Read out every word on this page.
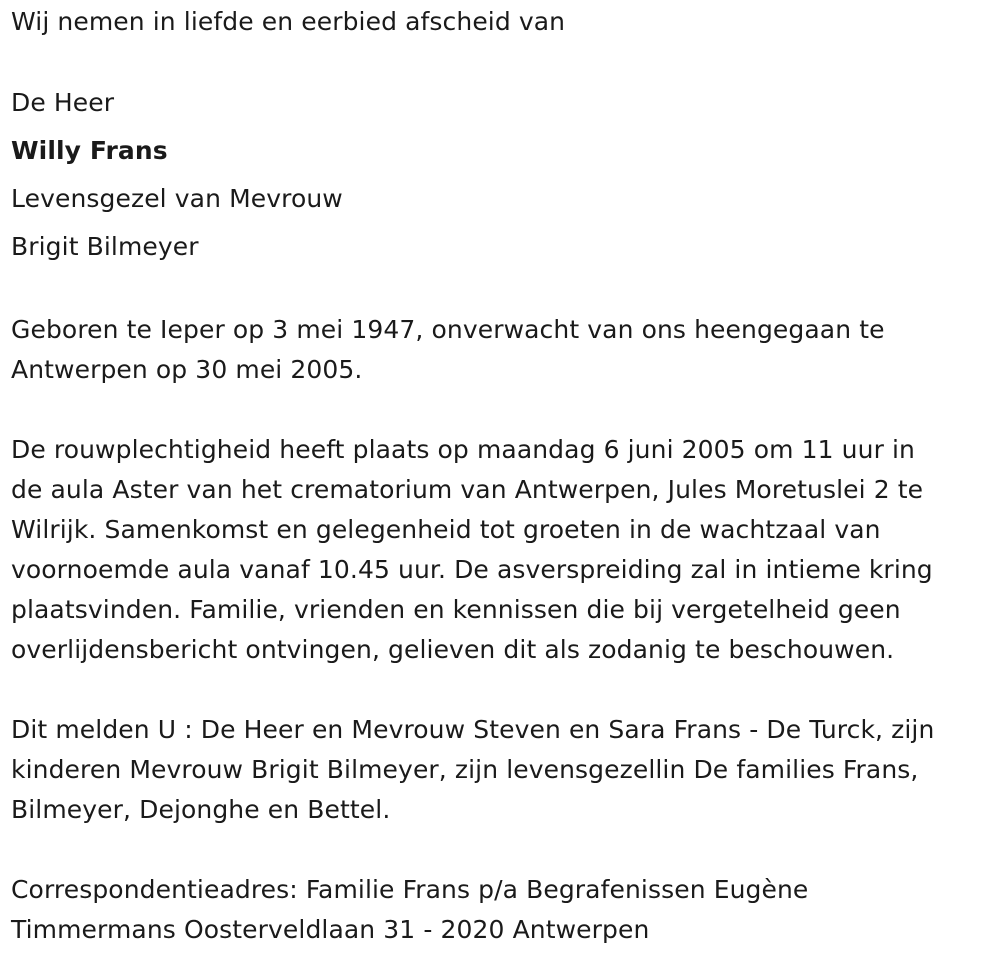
Wij nemen in liefde en eerbied afscheid van
De Heer
Willy Frans
Levensgezel van Mevrouw
Brigit Bilmeyer

Geboren te Ieper op 3 mei 1947, onverwacht van ons heengegaan te
Antwerpen op 30 mei 2005.

De rouwplechtigheid heeft plaats op maandag 6 juni 2005 om 11 uur in
de aula Aster van het crematorium van Antwerpen, Jules Moretuslei 2 te
Wilrijk. Samenkomst en gelegenheid tot groeten in de wachtzaal van
voornoemde aula vanaf 10.45 uur. De asverspreiding zal in intieme kring
plaatsvinden. Familie, vrienden en kennissen die bij vergetelheid geen
overlijdensbericht ontvingen, gelieven dit als zodanig te beschouwen.

Dit melden U : De Heer en Mevrouw Steven en Sara Frans - De Turck, zijn
kinderen Mevrouw Brigit Bilmeyer, zijn levensgezellin De families Frans,
Bilmeyer, Dejonghe en Bettel.

Correspondentieadres: Familie Frans p/a Begrafenissen Eugène
Timmermans Oosterveldlaan 31 - 2020 Antwerpen
